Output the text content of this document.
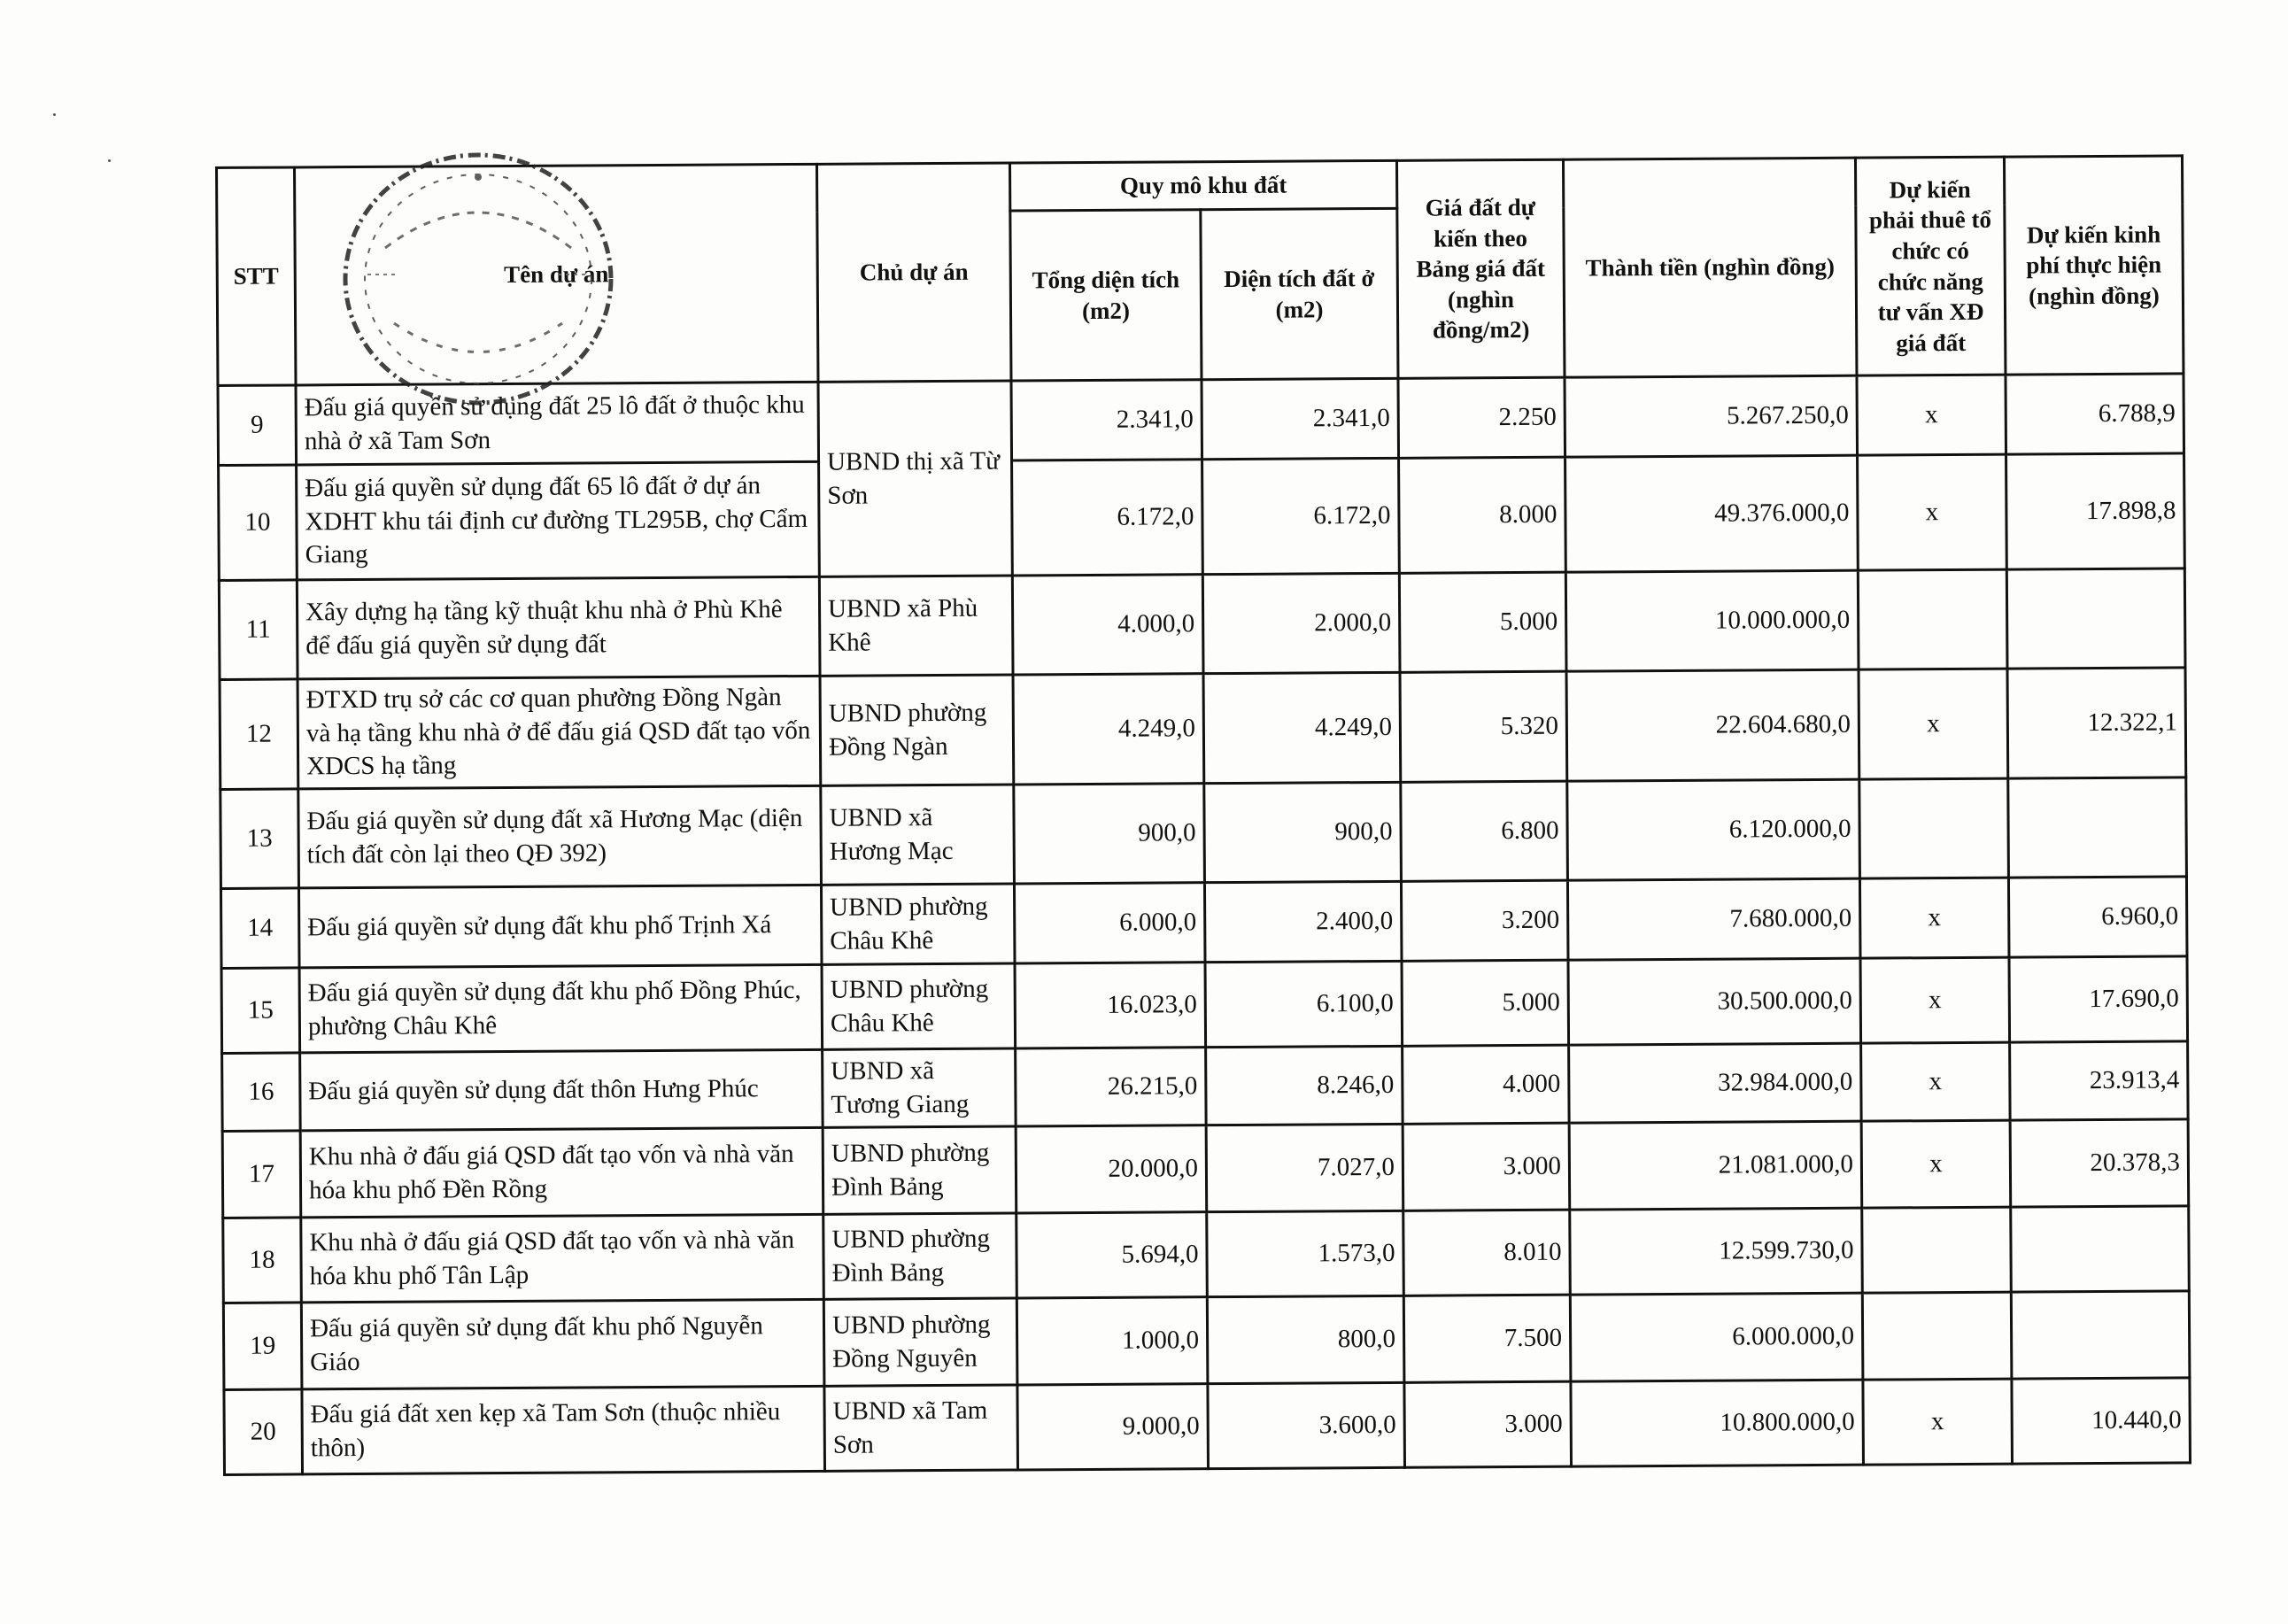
STT	Tên dự án	Chủ dự án	Quy mô khu đất		Giá đất dự kiến theo Bảng giá đất (nghìn đồng/m2)	Thành tiền (nghìn đồng)	Dự kiến phải thuê tổ chức có chức năng tư vấn XĐ giá đất	Dự kiến kinh phí thực hiện (nghìn đồng)
			Tổng diện tích (m2)	Diện tích đất ở (m2)				
9	Đấu giá quyền sử dụng đất 25 lô đất ở thuộc khu nhà ở xã Tam Sơn	UBND thị xã Từ Sơn	2.341,0	2.341,0	2.250	5.267.250,0	x	6.788,9
10	Đấu giá quyền sử dụng đất 65 lô đất ở dự án XDHT khu tái định cư đường TL295B, chợ Cẩm Giang		6.172,0	6.172,0	8.000	49.376.000,0	x	17.898,8
11	Xây dựng hạ tầng kỹ thuật khu nhà ở Phù Khê để đấu giá quyền sử dụng đất	UBND xã Phù Khê	4.000,0	2.000,0	5.000	10.000.000,0		
12	ĐTXD trụ sở các cơ quan phường Đồng Ngàn và hạ tầng khu nhà ở để đấu giá QSD đất tạo vốn XDCS hạ tầng	UBND phường Đồng Ngàn	4.249,0	4.249,0	5.320	22.604.680,0	x	12.322,1
13	Đấu giá quyền sử dụng đất xã Hương Mạc (diện tích đất còn lại theo QĐ 392)	UBND xã Hương Mạc	900,0	900,0	6.800	6.120.000,0		
14	Đấu giá quyền sử dụng đất khu phố Trịnh Xá	UBND phường Châu Khê	6.000,0	2.400,0	3.200	7.680.000,0	x	6.960,0
15	Đấu giá quyền sử dụng đất khu phố Đồng Phúc, phường Châu Khê	UBND phường Châu Khê	16.023,0	6.100,0	5.000	30.500.000,0	x	17.690,0
16	Đấu giá quyền sử dụng đất thôn Hưng Phúc	UBND xã Tương Giang	26.215,0	8.246,0	4.000	32.984.000,0	x	23.913,4
17	Khu nhà ở đấu giá QSD đất tạo vốn và nhà văn hóa khu phố Đền Rồng	UBND phường Đình Bảng	20.000,0	7.027,0	3.000	21.081.000,0	x	20.378,3
18	Khu nhà ở đấu giá QSD đất tạo vốn và nhà văn hóa khu phố Tân Lập	UBND phường Đình Bảng	5.694,0	1.573,0	8.010	12.599.730,0		
19	Đấu giá quyền sử dụng đất khu phố Nguyễn Giáo	UBND phường Đồng Nguyên	1.000,0	800,0	7.500	6.000.000,0		
20	Đấu giá đất xen kẹp xã Tam Sơn (thuộc nhiều thôn)	UBND xã Tam Sơn	9.000,0	3.600,0	3.000	10.800.000,0	x	10.440,0
